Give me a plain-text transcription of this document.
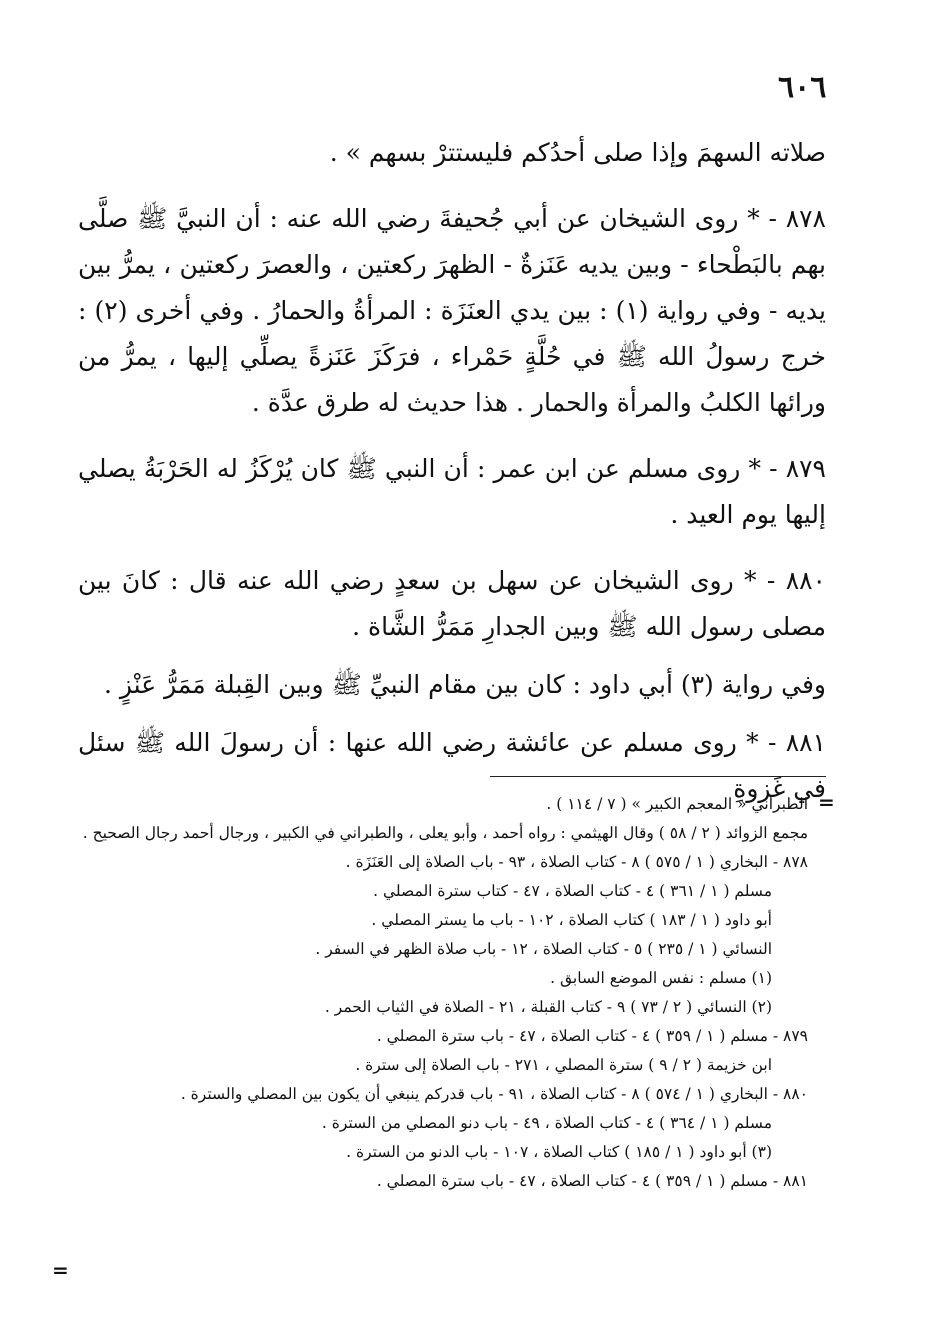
٦٠٦

صلاته السهمَ وإذا صلى أحدُكم فليستترْ بسهم » .

٨٧٨ - * روى الشيخان عن أبي جُحيفةَ رضي الله عنه : أن النبيَّ ﷺ صلَّى بهم بالبَطْحاء - وبين يديه عَنَزةٌ - الظهرَ ركعتين ، والعصرَ ركعتين ، يمرُّ بين يديه - وفي رواية (١) : بين يدي العنَزَة : المرأةُ والحمارُ . وفي أخرى (٢) : خرج رسولُ الله ﷺ في حُلَّةٍ حَمْراء ، فرَكَزَ عَنَزةً يصلِّي إليها ، يمرُّ من ورائها الكلبُ والمرأة والحمار . هذا حديث له طرق عدَّة .

٨٧٩ - * روى مسلم عن ابن عمر : أن النبي ﷺ كان يُرْكَزُ له الحَرْبَةُ يصلي إليها يوم العيد .

٨٨٠ - * روى الشيخان عن سهل بن سعدٍ رضي الله عنه قال : كانَ بين مصلى رسول الله ﷺ وبين الجدارِ مَمَرُّ الشَّاة .

وفي رواية (٣) أبي داود : كان بين مقام النبيِّ ﷺ وبين القِبلة مَمَرُّ عَنْزٍ .

٨٨١ - * روى مسلم عن عائشة رضي الله عنها : أن رسولَ الله ﷺ سئل في غَزوةِ

=
الطبراني « المعجم الكبير » ( ٧ / ١١٤ ) .
مجمع الزوائد ( ٢ / ٥٨ ) وقال الهيثمي : رواه أحمد ، وأبو يعلى ، والطبراني في الكبير ، ورجال أحمد رجال الصحيح .
٨٧٨ - البخاري ( ١ / ٥٧٥ ) ٨ - كتاب الصلاة ، ٩٣ - باب الصلاة إلى العَنَزَة .
مسلم ( ١ / ٣٦١ ) ٤ - كتاب الصلاة ، ٤٧ - كتاب سترة المصلي .
أبو داود ( ١ / ١٨٣ ) كتاب الصلاة ، ١٠٢ - باب ما يستر المصلي .
النسائي ( ١ / ٢٣٥ ) ٥ - كتاب الصلاة ، ١٢ - باب صلاة الظهر في السفر .
(١) مسلم : نفس الموضع السابق .
(٢) النسائي ( ٢ / ٧٣ ) ٩ - كتاب القبلة ، ٢١ - الصلاة في الثياب الحمر .
٨٧٩ - مسلم ( ١ / ٣٥٩ ) ٤ - كتاب الصلاة ، ٤٧ - باب سترة المصلي .
ابن خزيمة ( ٢ / ٩ ) سترة المصلي ، ٢٧١ - باب الصلاة إلى سترة .
٨٨٠ - البخاري ( ١ / ٥٧٤ ) ٨ - كتاب الصلاة ، ٩١ - باب قدركم ينبغي أن يكون بين المصلي والسترة .
مسلم ( ١ / ٣٦٤ ) ٤ - كتاب الصلاة ، ٤٩ - باب دنو المصلي من السترة .
(٣) أبو داود ( ١ / ١٨٥ ) كتاب الصلاة ، ١٠٧ - باب الدنو من السترة .
٨٨١ - مسلم ( ١ / ٣٥٩ ) ٤ - كتاب الصلاة ، ٤٧ - باب سترة المصلي .
=
